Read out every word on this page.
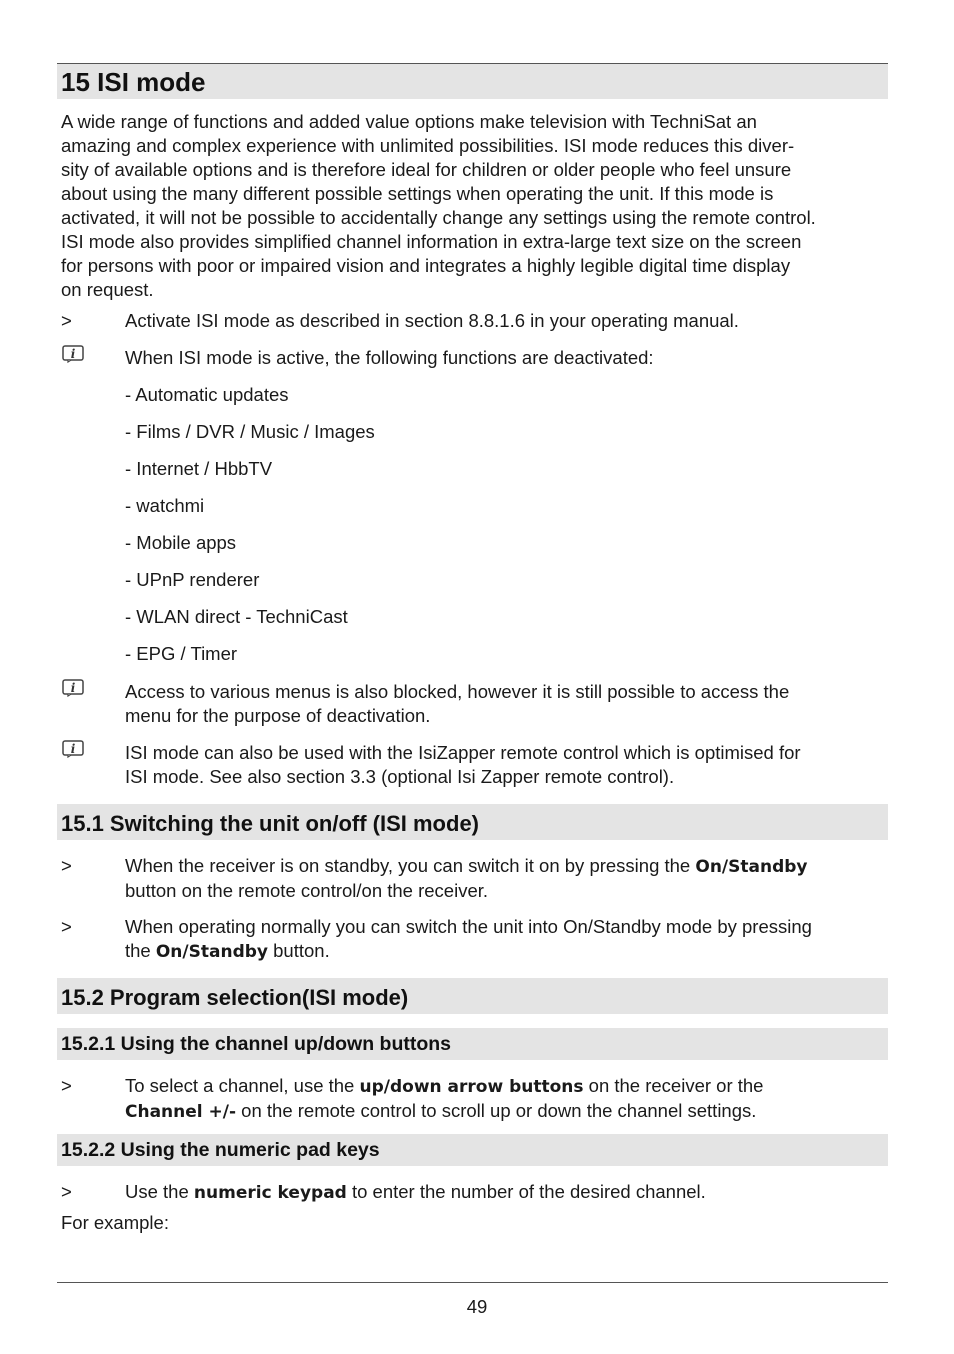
15 ISI mode
A wide range of functions and added value options make television with TechniSat an
amazing and complex experience with unlimited possibilities. ISI mode reduces this diver-
sity of available options and is therefore ideal for children or older people who feel unsure
about using the many different possible settings when operating the unit. If this mode is
activated, it will not be possible to accidentally change any settings using the remote control.
ISI mode also provides simplified channel information in extra-large text size on the screen
for persons with poor or impaired vision and integrates a highly legible digital time display
on request.
>	Activate ISI mode as described in section 8.8.1.6 in your operating manual.
i	When ISI mode is active, the following functions are deactivated:
- Automatic updates
- Films / DVR / Music / Images
- Internet / HbbTV
- watchmi
- Mobile apps
- UPnP renderer
- WLAN direct - TechniCast
- EPG / Timer
i	Access to various menus is also blocked, however it is still possible to access the
menu for the purpose of deactivation.
i	ISI mode can also be used with the IsiZapper remote control which is optimised for
ISI mode. See also section 3.3 (optional Isi Zapper remote control).
15.1 Switching the unit on/off (ISI mode)
>	When the receiver is on standby, you can switch it on by pressing the On/Standby
button on the remote control/on the receiver.
>	When operating normally you can switch the unit into On/Standby mode by pressing
the On/Standby button.
15.2 Program selection(ISI mode)
15.2.1 Using the channel up/down buttons
>	To select a channel, use the up/down arrow buttons on the receiver or the
Channel +/- on the remote control to scroll up or down the channel settings.
15.2.2 Using the numeric pad keys
>	Use the numeric keypad to enter the number of the desired channel.
For example:
49
